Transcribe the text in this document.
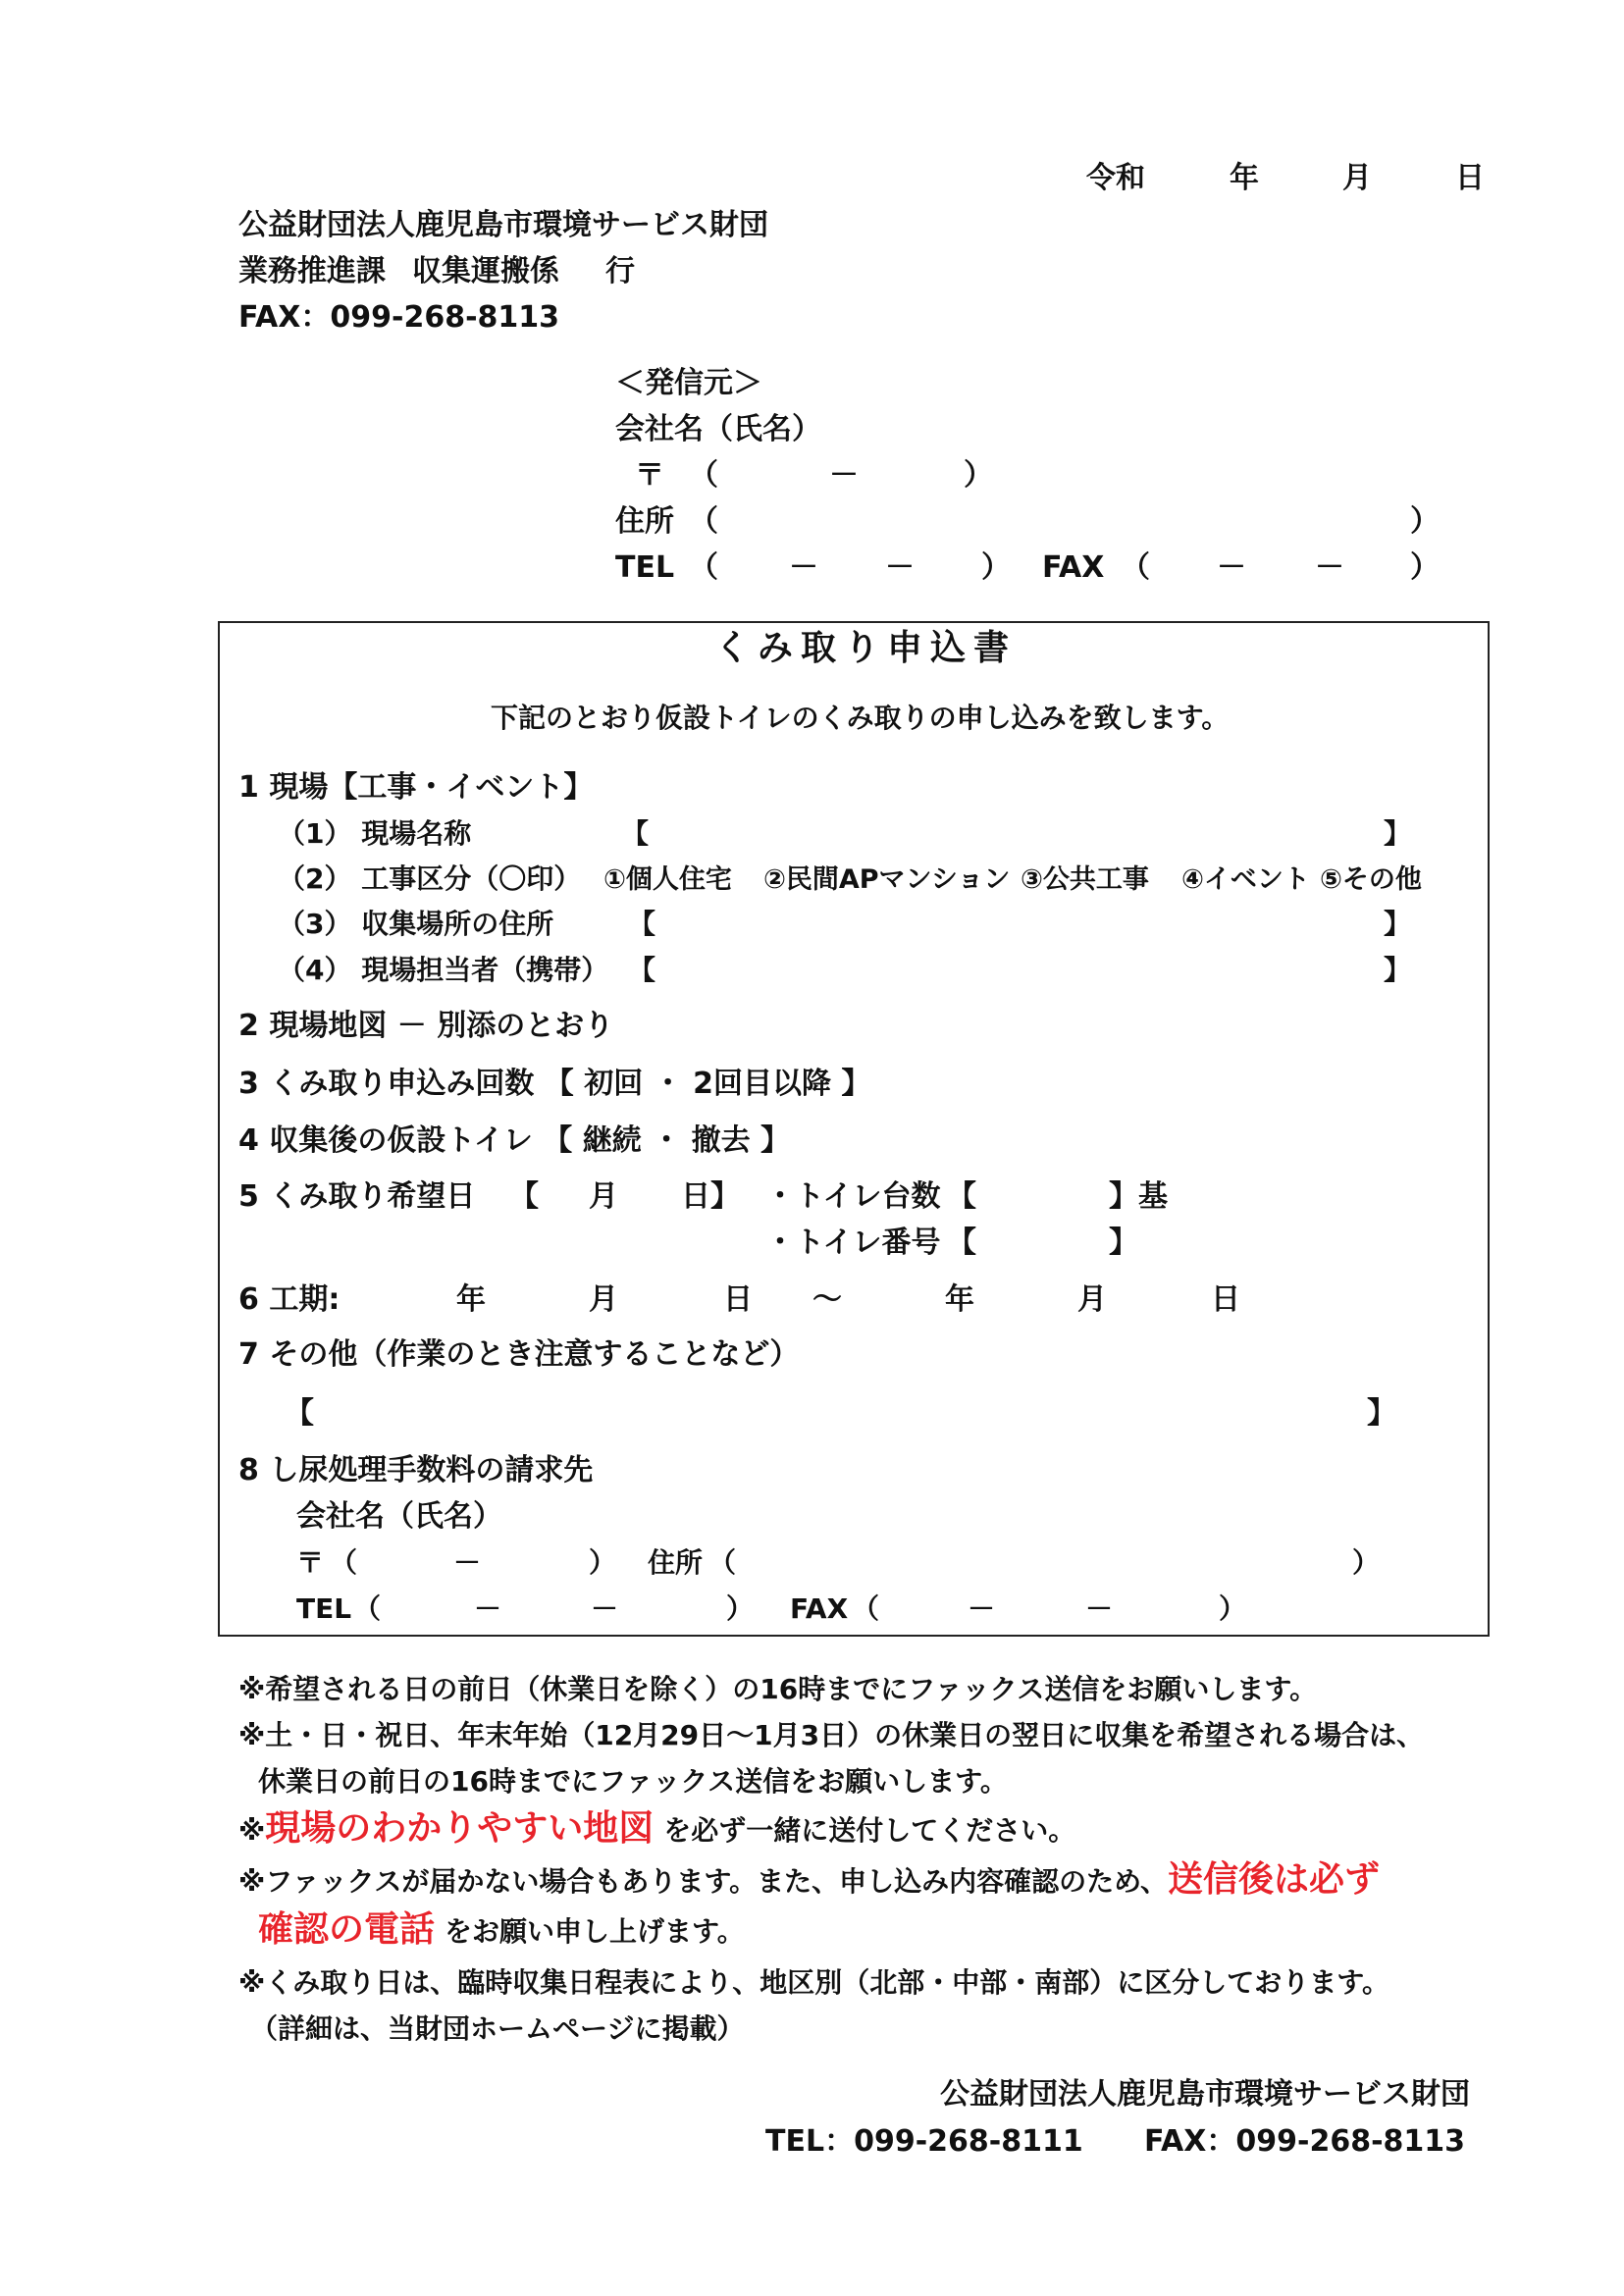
令和	年	月	日
公益財団法人鹿児島市環境サービス財団
業務推進課 収集運搬係 行
FAX：099-268-8113
＜発信元＞
会社名（氏名）
〒 （	－	）
住所 （	）
TEL （ － － ） FAX （ － － ）
くみ取り申込書
下記のとおり仮設トイレのくみ取りの申し込みを致します。
1 現場【工事・イベント】
（1） 現場名称	【	】
（2） 工事区分（〇印） ①個人住宅 ②民間APマンション ③公共工事 ④イベント ⑤その他
（3） 収集場所の住所	【	】
（4） 現場担当者（携帯） 【	】
2 現場地図 － 別添のとおり
3 くみ取り申込み回数 【 初回 ・ 2回目以降 】
4 収集後の仮設トイレ 【 継続 ・ 撤去 】
5 くみ取り希望日 【 月 日】 ・トイレ台数 【	】基
・トイレ番号 【	】
6 工期:	年	月	日 ～	年	月	日
7 その他（作業のとき注意することなど）
【	】
8 し尿処理手数料の請求先
会社名（氏名）
〒 （	－	） 住所 （	）
TEL （	－	－	） FAX （	－	－	）
※希望される日の前日（休業日を除く）の16時までにファックス送信をお願いします。
※土・日・祝日、年末年始（12月29日～1月3日）の休業日の翌日に収集を希望される場合は、
休業日の前日の16時までにファックス送信をお願いします。
※現場のわかりやすい地図 を必ず一緒に送付してください。
※ファックスが届かない場合もあります。また、申し込み内容確認のため、送信後は必ず
確認の電話 をお願い申し上げます。
※くみ取り日は、臨時収集日程表により、地区別（北部・中部・南部）に区分しております。
（詳細は、当財団ホームページに掲載）
公益財団法人鹿児島市環境サービス財団
TEL：099-268-8111 FAX：099-268-8113
